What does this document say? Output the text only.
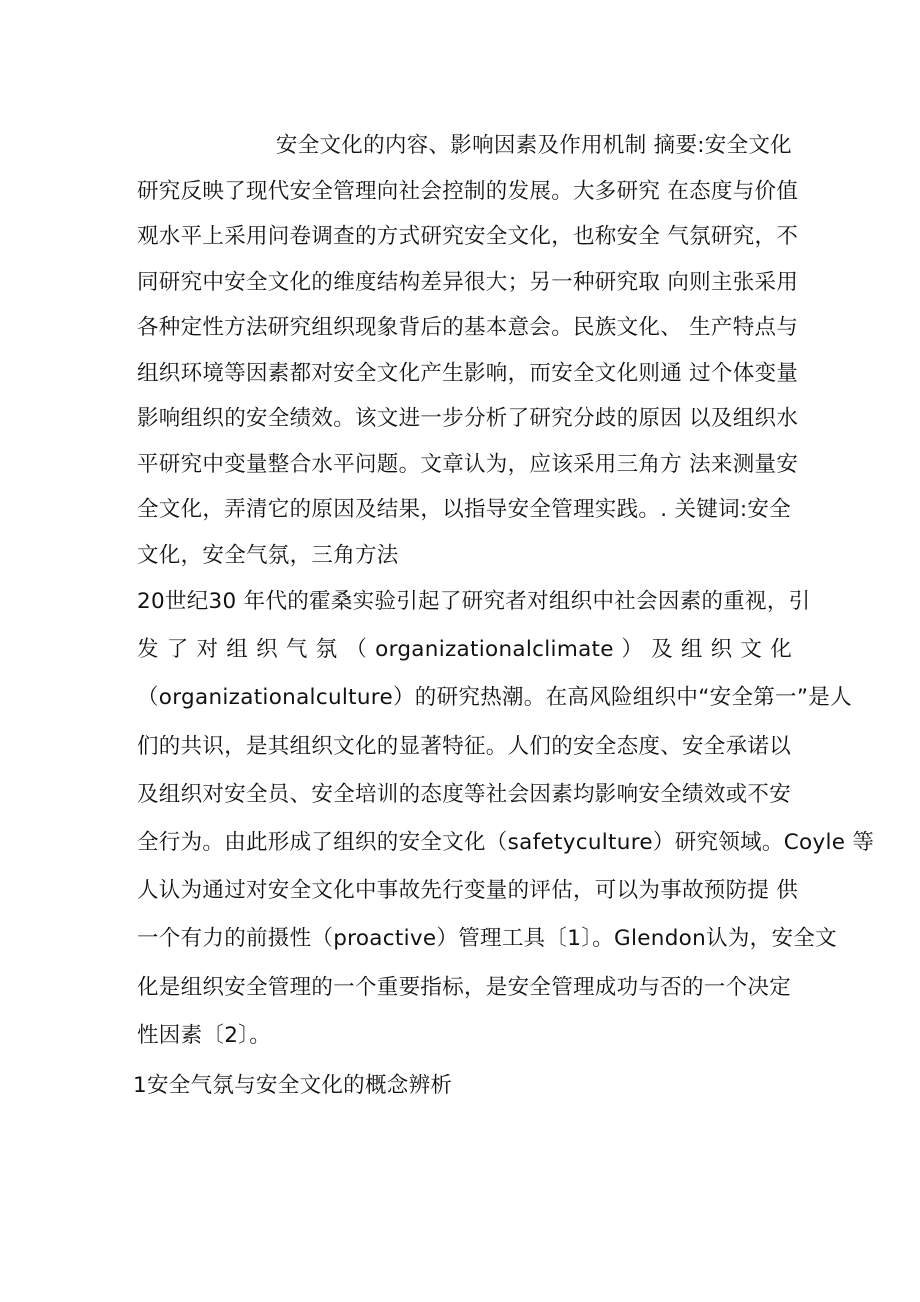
安全文化的内容、影响因素及作用机制 摘要:安全文化
研究反映了现代安全管理向社会控制的发展。大多研究 在态度与价值
观水平上采用问卷调查的方式研究安全文化，也称安全 气氛研究，不
同研究中安全文化的维度结构差异很大；另一种研究取 向则主张采用
各种定性方法研究组织现象背后的基本意会。民族文化、 生产特点与
组织环境等因素都对安全文化产生影响，而安全文化则通 过个体变量
影响组织的安全绩效。该文进一步分析了研究分歧的原因 以及组织水
平研究中变量整合水平问题。文章认为，应该采用三角方 法来测量安
全文化，弄清它的原因及结果，以指导安全管理实践。. 关键词:安全
文化，安全气氛，三角方法
20世纪30 年代的霍桑实验引起了研究者对组织中社会因素的重视，引
发 了 对 组 织 气 氛 （ organizationalclimate ） 及 组 织 文 化
（organizationalculture）的研究热潮。在高风险组织中“安全第一”是人
们的共识，是其组织文化的显著特征。人们的安全态度、安全承诺以
及组织对安全员、安全培训的态度等社会因素均影响安全绩效或不安
全行为。由此形成了组织的安全文化（safetyculture）研究领域。Coyle 等
人认为通过对安全文化中事故先行变量的评估，可以为事故预防提 供
一个有力的前摄性（proactive）管理工具〔1〕。Glendon认为，安全文
化是组织安全管理的一个重要指标，是安全管理成功与否的一个决定
性因素〔2〕。
1安全气氛与安全文化的概念辨析
